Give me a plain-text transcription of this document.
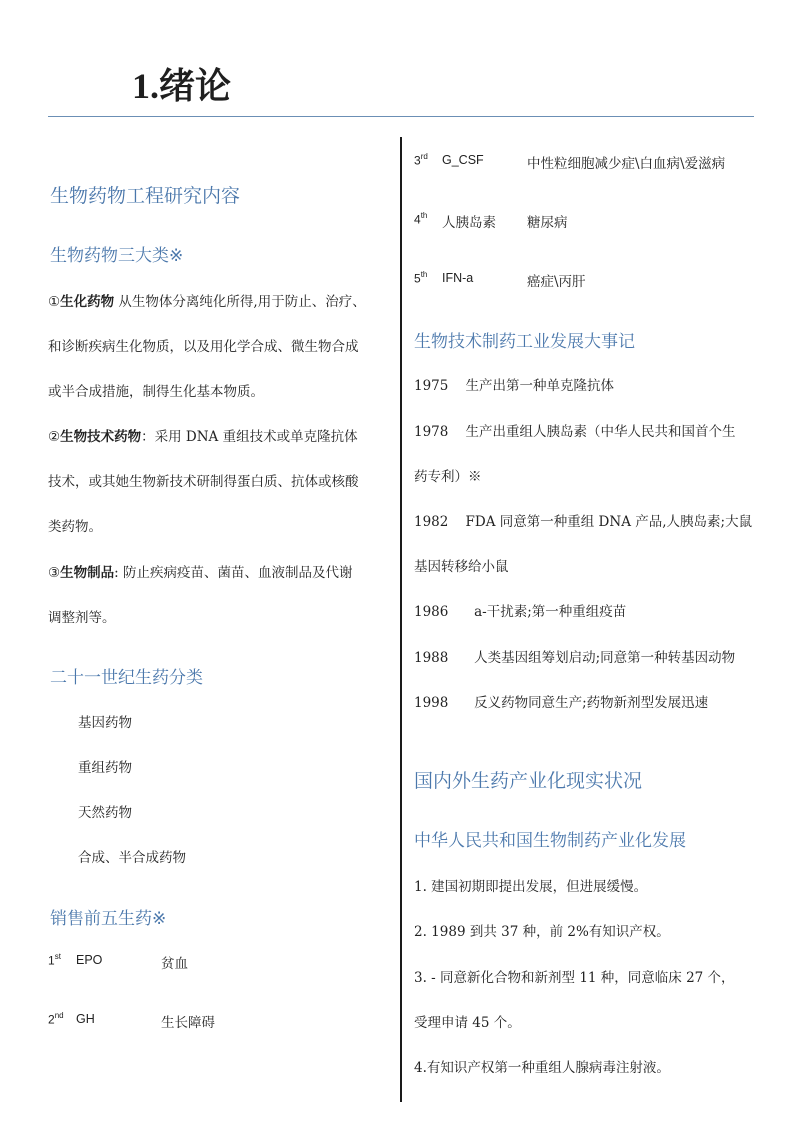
1.绪论
生物药物工程研究内容
生物药物三大类※
①生化药物 从生物体分离纯化所得,用于防止、治疗、
和诊断疾病生化物质，以及用化学合成、微生物合成
或半合成措施，制得生化基本物质。
②生物技术药物：采用 DNA 重组技术或单克隆抗体
技术，或其她生物新技术研制得蛋白质、抗体或核酸
类药物。
③生物制品: 防止疾病疫苗、菌苗、血液制品及代谢
调整剂等。
二十一世纪生药分类
基因药物
重组药物
天然药物
合成、半合成药物
销售前五生药※
1st EPO	贫血
2nd GH	生长障碍
3rd G_CSF	中性粒细胞减少症\白血病\爱滋病
4th 人胰岛素 糖尿病
5th IFN-a	癌症\丙肝
生物技术制药工业发展大事记
1975 生产出第一种单克隆抗体
1978 生产出重组人胰岛素（中华人民共和国首个生
药专利）※
1982 FDA 同意第一种重组 DNA 产品,人胰岛素;大鼠
基因转移给小鼠
1986 a-干扰素;第一种重组疫苗
1988 人类基因组筹划启动;同意第一种转基因动物
1998 反义药物同意生产;药物新剂型发展迅速
国内外生药产业化现实状况
中华人民共和国生物制药产业化发展
1. 建国初期即提出发展，但进展缓慢。
2. 1989 到共 37 种，前 2%有知识产权。
3. - 同意新化合物和新剂型 11 种，同意临床 27 个，
受理申请 45 个。
4.有知识产权第一种重组人腺病毒注射液。
